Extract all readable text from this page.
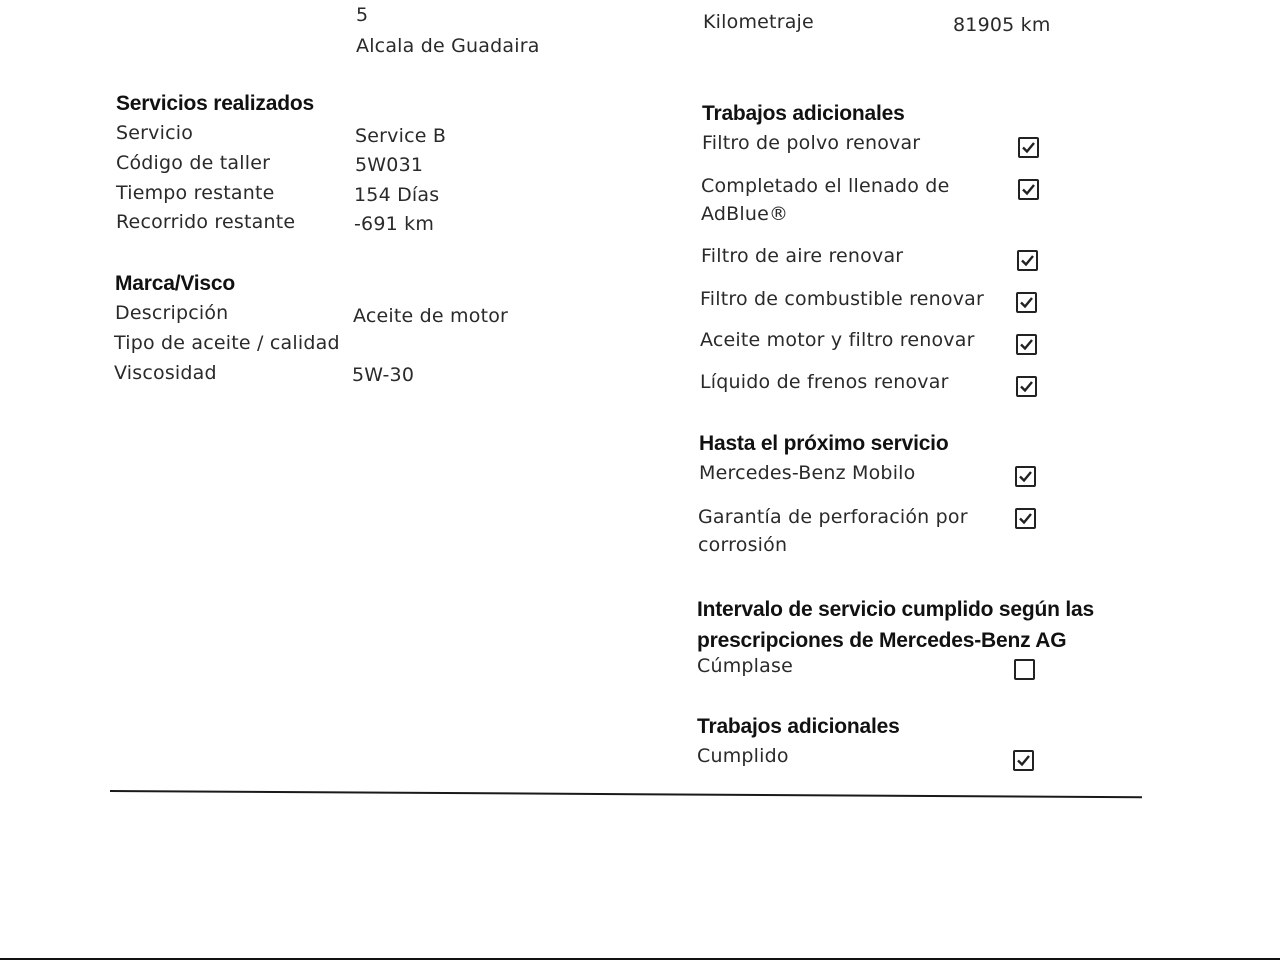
5
Alcala de Guadaira
Kilometraje	81905 km
Servicios realizados
Servicio	Service B
Código de taller	5W031
Tiempo restante	154 Días
Recorrido restante	-691 km
Marca/Visco
Descripción	Aceite de motor
Tipo de aceite / calidad
Viscosidad	5W-30
Trabajos adicionales
Filtro de polvo renovar
Completado el llenado de AdBlue®
Filtro de aire renovar
Filtro de combustible renovar
Aceite motor y filtro renovar
Líquido de frenos renovar
Hasta el próximo servicio
Mercedes-Benz Mobilo
Garantía de perforación por corrosión
Intervalo de servicio cumplido según las prescripciones de Mercedes-Benz AG
Cúmplase
Trabajos adicionales
Cumplido
